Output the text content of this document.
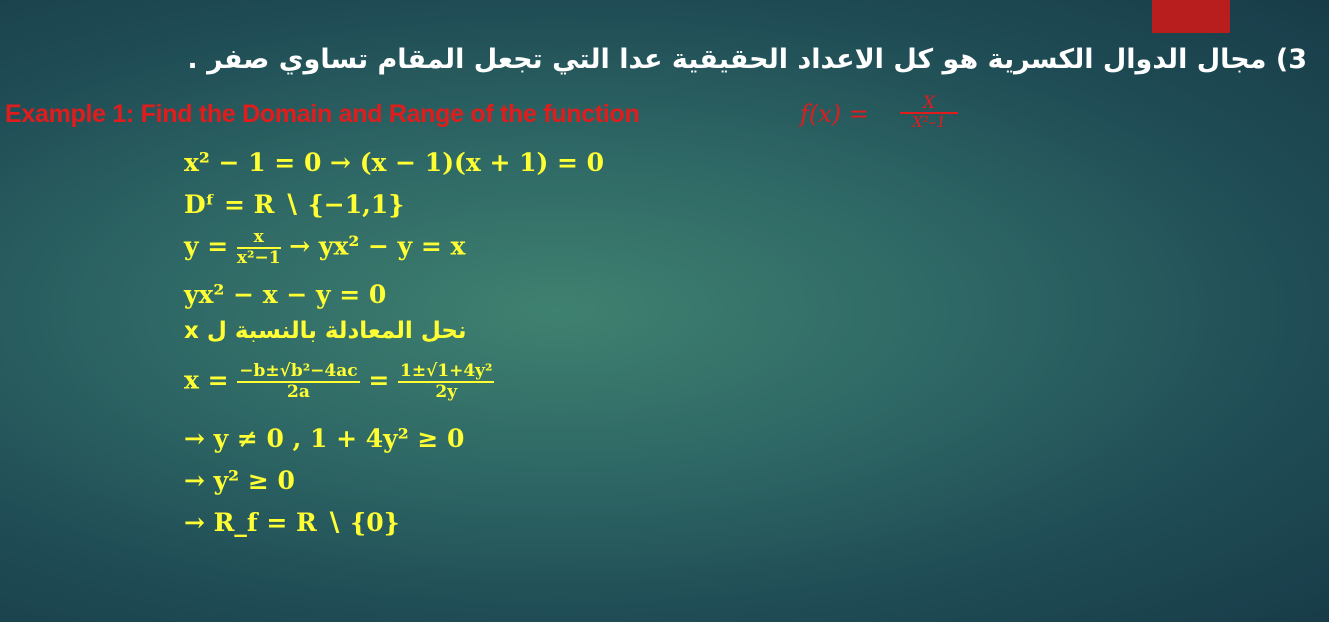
3) مجال الدوال الكسرية هو كل الاعداد الحقيقية عدا التي تجعل المقام تساوي صفر .
Example 1: Find the Domain and Range of the function	f(x) =	X
X²–1
x² − 1 = 0 → (x − 1)(x + 1) = 0
Dᶠ = R ∖ {−1,1}
$y = \frac{x}{\text{x²−1}} \to yx^2 - y = x$
yx² − x − y = 0
نحل المعادلة بالنسبة ل x
$x = \frac{\text{−b±√b²−4ac}}{2a} = \frac{\text{1±√1+4y²}}{2y}$
→ y ≠ 0 , 1 + 4y² ≥ 0
→ y² ≥ 0
→ R_f = R ∖ {0}
